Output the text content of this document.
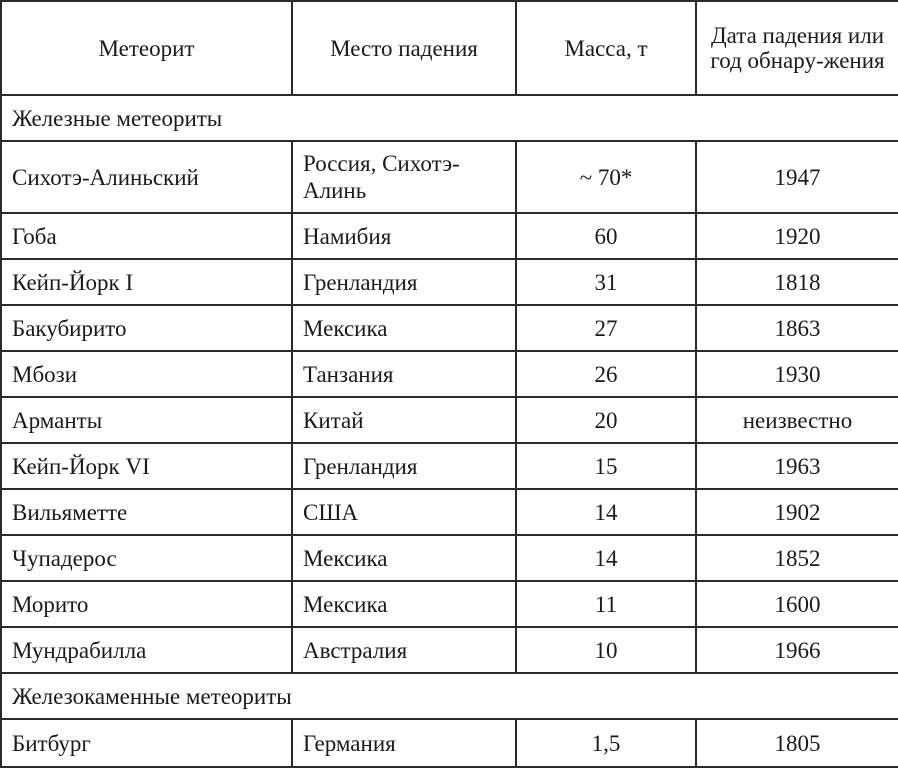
Метеорит	Место падения	Масса, т	Дата падения или год обнару-жения

Железные метеориты			
Сихотэ-Алиньский	Россия, Сихотэ-Алинь	~ 70*	1947
Гоба	Намибия	60	1920
Кейп-Йорк I	Гренландия	31	1818
Бакубирито	Мексика	27	1863
Мбози	Танзания	26	1930
Арманты	Китай	20	неизвестно
Кейп-Йорк VI	Гренландия	15	1963
Вильяметте	США	14	1902
Чупадерос	Мексика	14	1852
Морито	Мексика	11	1600
Мундрабилла	Австралия	10	1966
Железокаменные метеориты			
Битбург	Германия	1,5	1805
